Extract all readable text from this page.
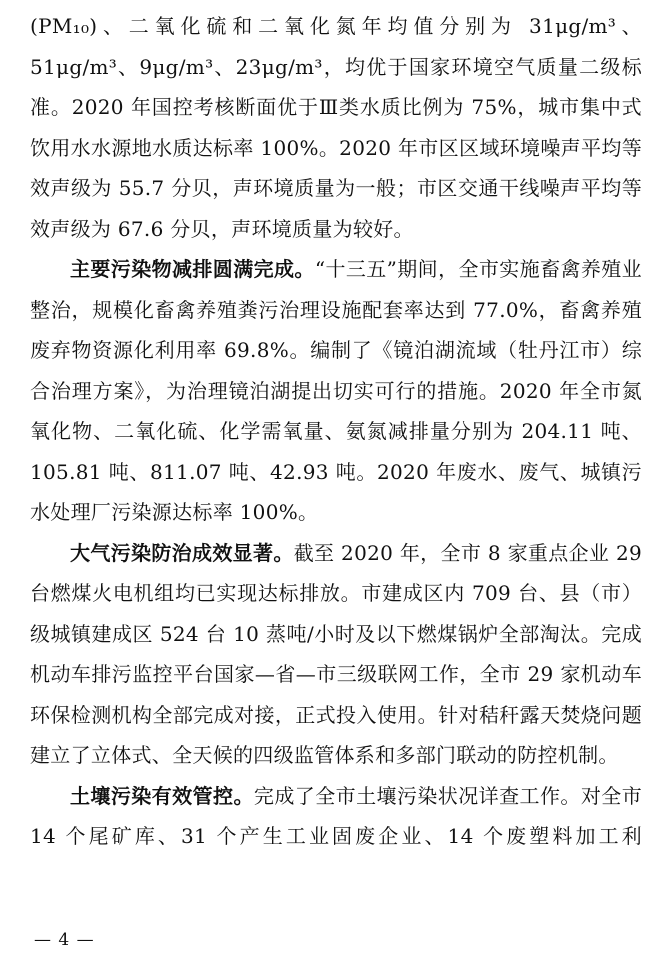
(PM₁₀)、二氧化硫和二氧化氮年均值分别为 31μg/m³、51μg/m³、9μg/m³、23μg/m³，均优于国家环境空气质量二级标准。2020 年国控考核断面优于Ⅲ类水质比例为 75%，城市集中式饮用水水源地水质达标率 100%。2020 年市区区域环境噪声平均等效声级为 55.7 分贝，声环境质量为一般；市区交通干线噪声平均等效声级为 67.6 分贝，声环境质量为较好。

主要污染物减排圆满完成。“十三五”期间，全市实施畜禽养殖业整治，规模化畜禽养殖粪污治理设施配套率达到 77.0%，畜禽养殖废弃物资源化利用率 69.8%。编制了《镜泊湖流域（牡丹江市）综合治理方案》，为治理镜泊湖提出切实可行的措施。2020 年全市氮氧化物、二氧化硫、化学需氧量、氨氮减排量分别为 204.11 吨、105.81 吨、811.07 吨、42.93 吨。2020 年废水、废气、城镇污水处理厂污染源达标率 100%。

大气污染防治成效显著。截至 2020 年，全市 8 家重点企业 29 台燃煤火电机组均已实现达标排放。市建成区内 709 台、县（市）级城镇建成区 524 台 10 蒸吨/小时及以下燃煤锅炉全部淘汰。完成机动车排污监控平台国家—省—市三级联网工作，全市 29 家机动车环保检测机构全部完成对接，正式投入使用。针对秸秆露天焚烧问题建立了立体式、全天候的四级监管体系和多部门联动的防控机制。

土壤污染有效管控。完成了全市土壤污染状况详查工作。对全市 14 个尾矿库、31 个产生工业固废企业、14 个废塑料加工利

— 4 —
